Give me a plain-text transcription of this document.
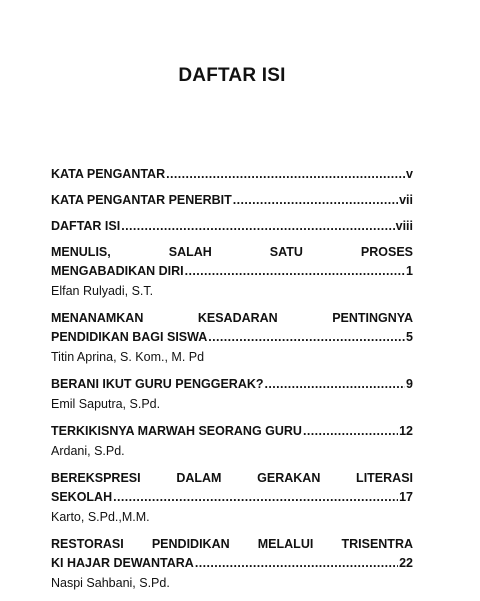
DAFTAR ISI
KATA PENGANTAR .....	v
KATA PENGANTAR PENERBIT .....	vii
DAFTAR ISI .....	viii
MENULIS, SALAH SATU PROSES
MENGABADIKAN DIRI .....	1
Elfan Rulyadi, S.T.
MENANAMKAN KESADARAN PENTINGNYA
PENDIDIKAN BAGI SISWA .....	5
Titin Aprina, S. Kom., M. Pd
BERANI IKUT GURU PENGGERAK? .....	9
Emil Saputra, S.Pd.
TERKIKISNYA MARWAH SEORANG GURU .....	12
Ardani, S.Pd.
BEREKSPRESI DALAM GERAKAN LITERASI
SEKOLAH .....	17
Karto, S.Pd.,M.M.
RESTORASI PENDIDIKAN MELALUI TRISENTRA
KI HAJAR DEWANTARA .....	22
Naspi Sahbani, S.Pd.
